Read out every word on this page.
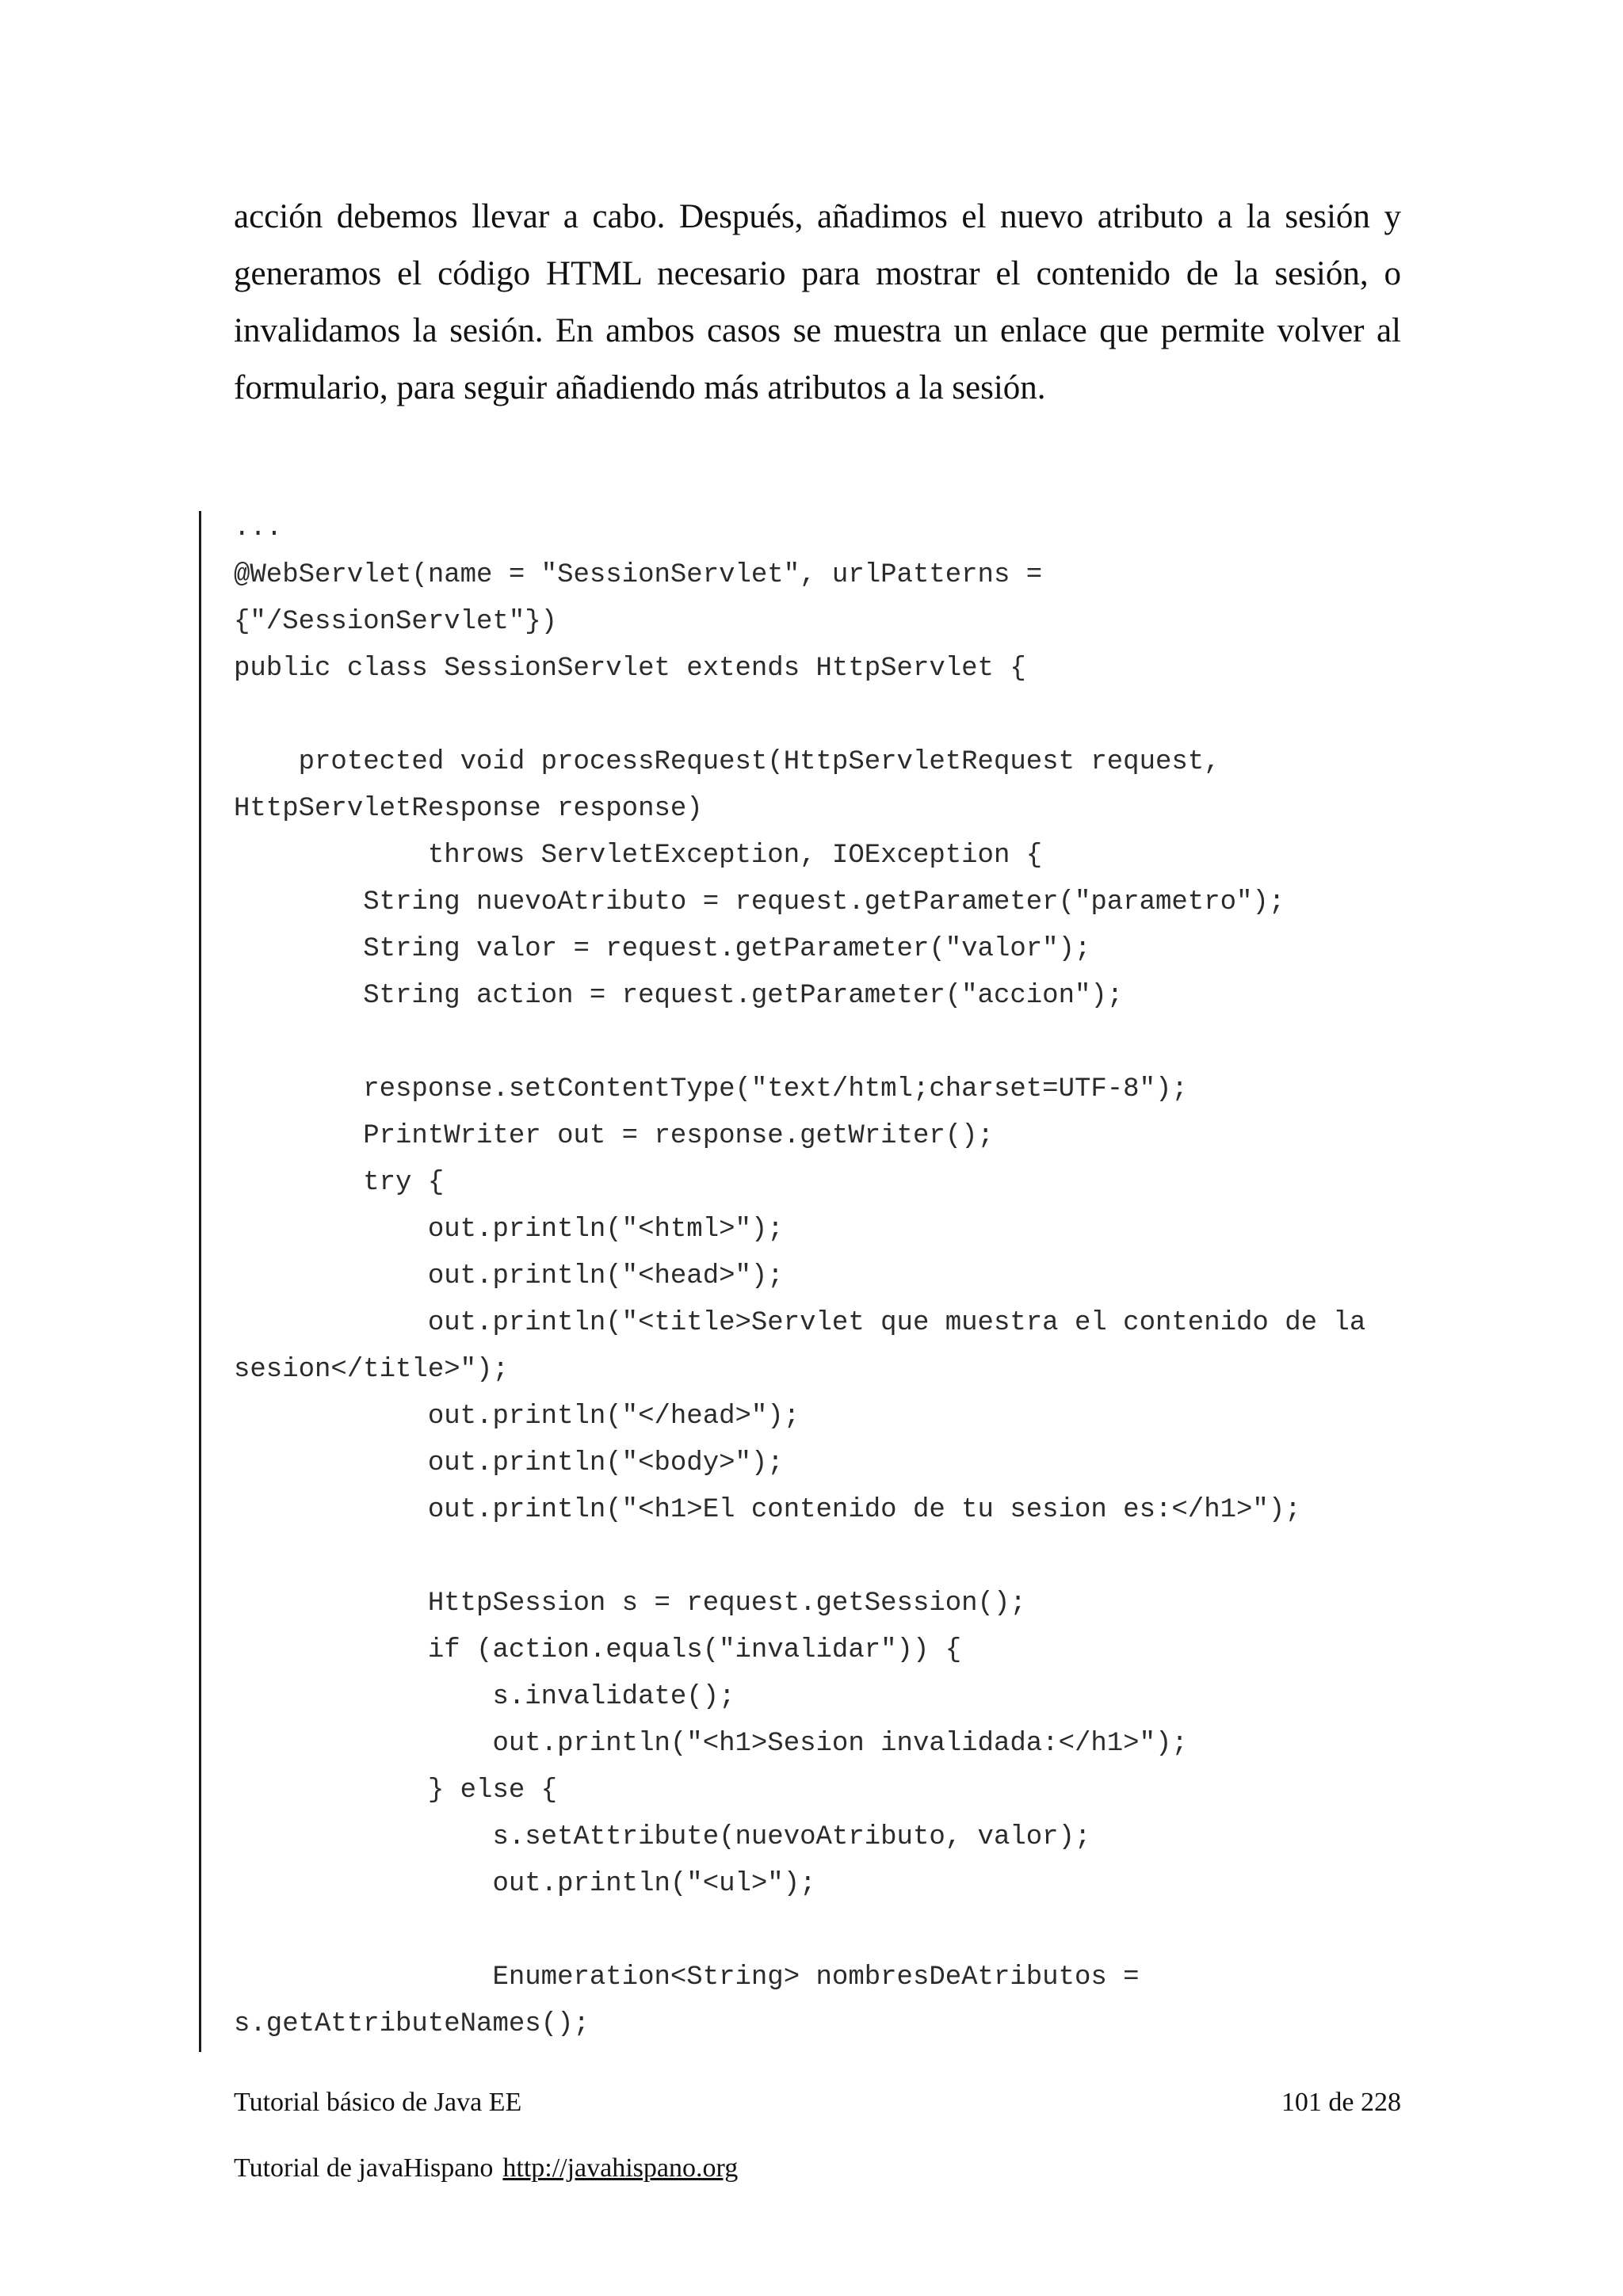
acción debemos llevar a cabo. Después, añadimos el nuevo atributo a la sesión y generamos el código HTML necesario para mostrar el contenido de la sesión, o invalidamos la sesión. En ambos casos se muestra un enlace que permite volver al formulario, para seguir añadiendo más atributos a la sesión.

...
@WebServlet(name = "SessionServlet", urlPatterns =
{"/SessionServlet"})
public class SessionServlet extends HttpServlet {
protected void processRequest(HttpServletRequest request,
HttpServletResponse response)
throws ServletException, IOException {
String nuevoAtributo = request.getParameter("parametro");
String valor = request.getParameter("valor");
String action = request.getParameter("accion");
response.setContentType("text/html;charset=UTF-8");
PrintWriter out = response.getWriter();
try {
out.println("<html>");
out.println("<head>");
out.println("<title>Servlet que muestra el contenido de la
sesion</title>");
out.println("</head>");
out.println("<body>");
out.println("<h1>El contenido de tu sesion es:</h1>");
HttpSession s = request.getSession();
if (action.equals("invalidar")) {
s.invalidate();
out.println("<h1>Sesion invalidada:</h1>");
} else {
s.setAttribute(nuevoAtributo, valor);
out.println("<ul>");
Enumeration<String> nombresDeAtributos =
s.getAttributeNames();
Tutorial básico de Java EE	101 de 228
Tutorial de javaHispano http://javahispano.org
